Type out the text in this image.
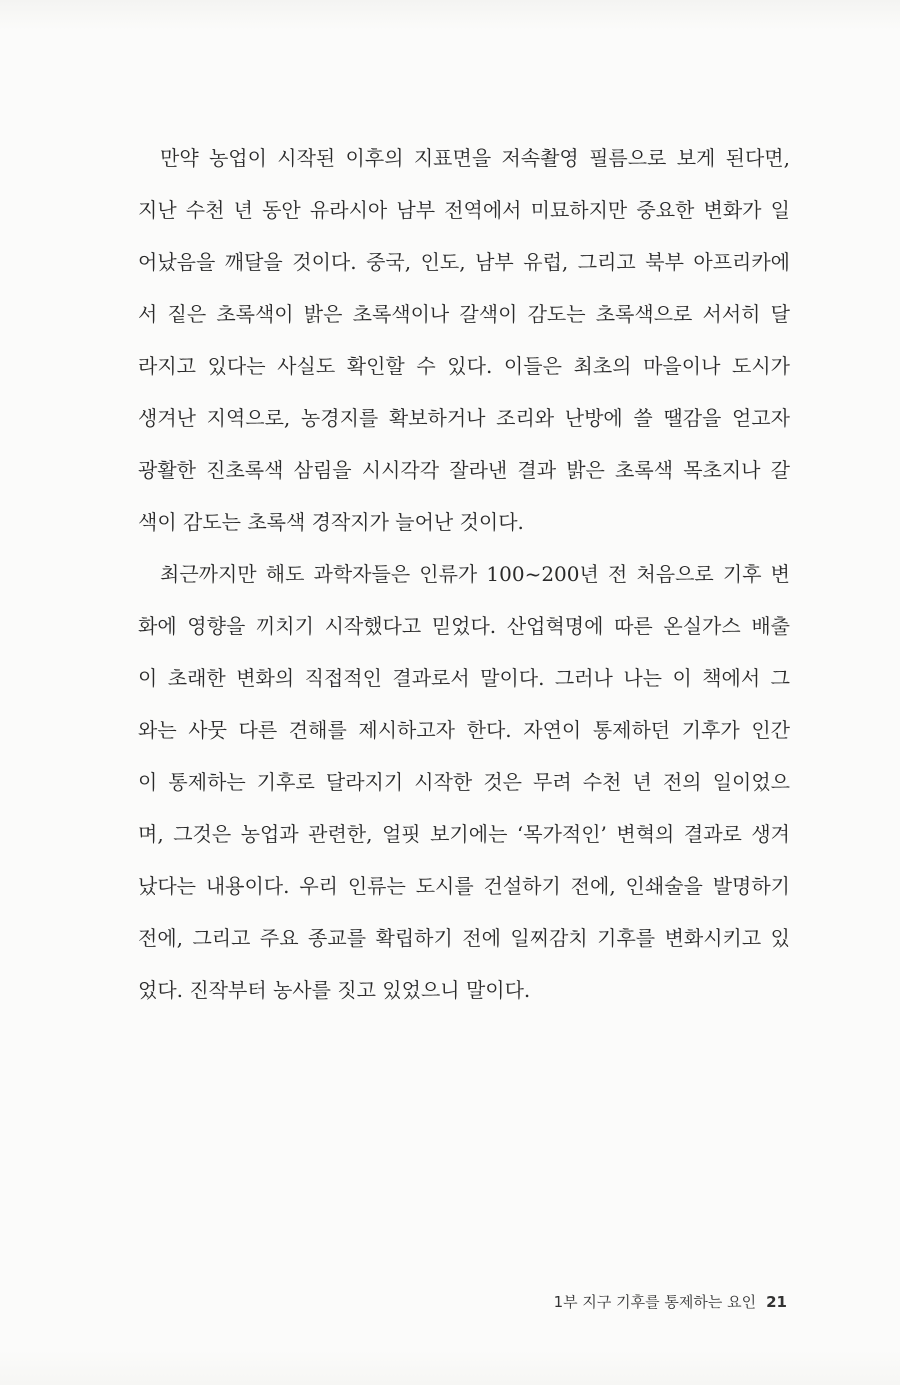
만약 농업이 시작된 이후의 지표면을 저속촬영 필름으로 보게 된다면,
지난 수천 년 동안 유라시아 남부 전역에서 미묘하지만 중요한 변화가 일
어났음을 깨달을 것이다. 중국, 인도, 남부 유럽, 그리고 북부 아프리카에
서 짙은 초록색이 밝은 초록색이나 갈색이 감도는 초록색으로 서서히 달
라지고 있다는 사실도 확인할 수 있다. 이들은 최초의 마을이나 도시가
생겨난 지역으로, 농경지를 확보하거나 조리와 난방에 쓸 땔감을 얻고자
광활한 진초록색 삼림을 시시각각 잘라낸 결과 밝은 초록색 목초지나 갈
색이 감도는 초록색 경작지가 늘어난 것이다.
최근까지만 해도 과학자들은 인류가 100~200년 전 처음으로 기후 변
화에 영향을 끼치기 시작했다고 믿었다. 산업혁명에 따른 온실가스 배출
이 초래한 변화의 직접적인 결과로서 말이다. 그러나 나는 이 책에서 그
와는 사뭇 다른 견해를 제시하고자 한다. 자연이 통제하던 기후가 인간
이 통제하는 기후로 달라지기 시작한 것은 무려 수천 년 전의 일이었으
며, 그것은 농업과 관련한, 얼핏 보기에는 ‘목가적인’ 변혁의 결과로 생겨
났다는 내용이다. 우리 인류는 도시를 건설하기 전에, 인쇄술을 발명하기
전에, 그리고 주요 종교를 확립하기 전에 일찌감치 기후를 변화시키고 있
었다. 진작부터 농사를 짓고 있었으니 말이다.
1부 지구 기후를 통제하는 요인 21
